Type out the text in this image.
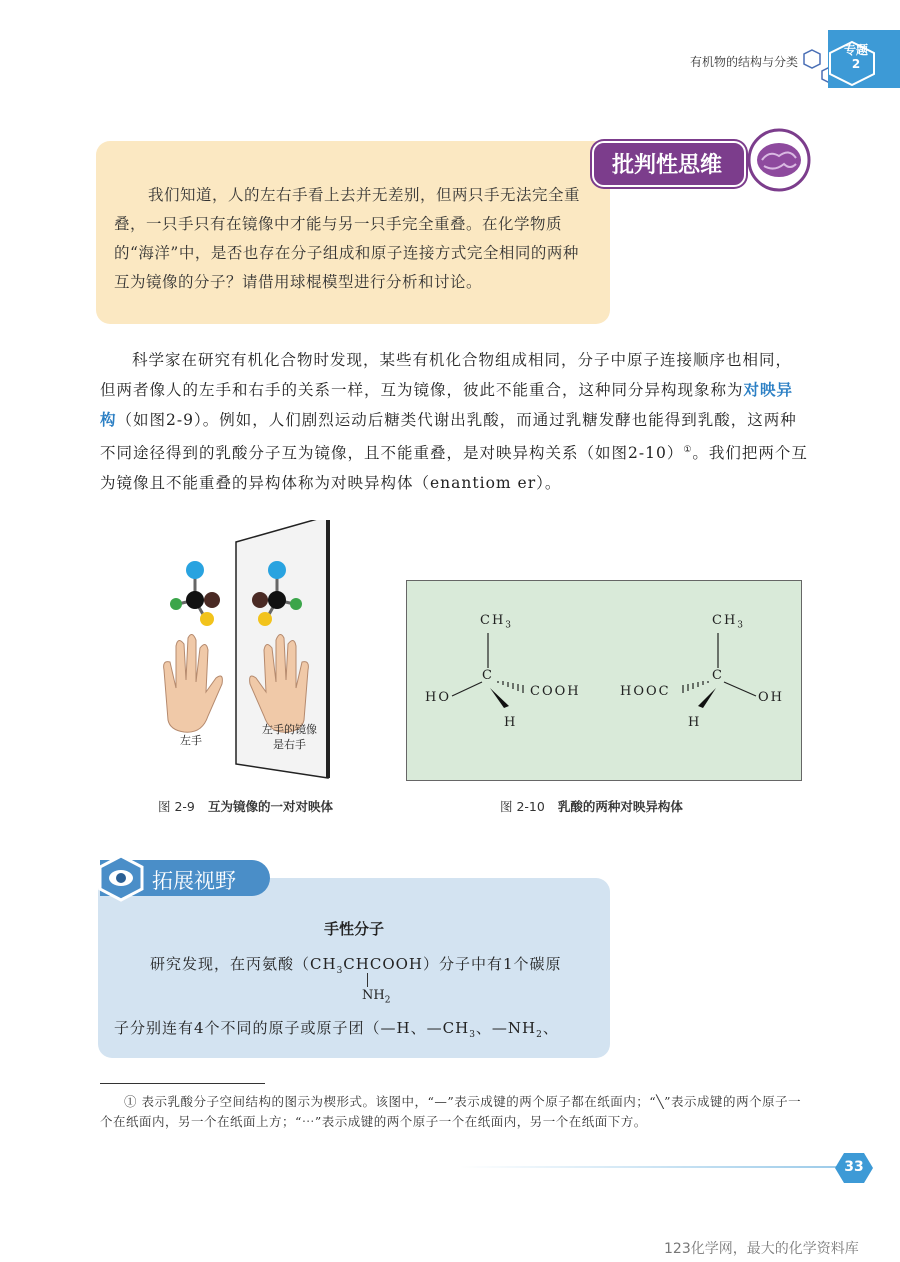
有机物的结构与分类
专题
2
批判性思维
我们知道，人的左右手看上去并无差别，但两只手无法完全重叠，一只手只有在镜像中才能与另一只手完全重叠。在化学物质的“海洋”中，是否也存在分子组成和原子连接方式完全相同的两种互为镜像的分子？请借用球棍模型进行分析和讨论。
科学家在研究有机化合物时发现，某些有机化合物组成相同，分子中原子连接顺序也相同，但两者像人的左手和右手的关系一样，互为镜像，彼此不能重合，这种同分异构现象称为对映异构（如图2-9）。例如，人们剧烈运动后糖类代谢出乳酸，而通过乳糖发酵也能得到乳酸，这两种不同途径得到的乳酸分子互为镜像，且不能重叠，是对映异构关系（如图2-10）①。我们把两个互为镜像且不能重叠的异构体称为对映异构体（enantiom er）。
左手
左手的镜像
是右手
图 2-9 互为镜像的一对对映体
$CH_3$
C
HO	COOH
H
$CH_3$
C
HOOC	OH
H
图 2-10 乳酸的两种对映异构体
拓展视野
手性分子
研究发现，在丙氨酸$(CH_3CHCOOH)$分子中有1个碳原
$NH_2$
子分别连有4个不同的原子或原子团（—H、$—CH_3$、$—NH_2$、
① 表示乳酸分子空间结构的图示为楔形式。该图中，“—”表示成键的两个原子都在纸面内；“╲”表示成键的两个原子一个在纸面内，另一个在纸面上方；“⋯”表示成键的两个原子一个在纸面内，另一个在纸面下方。
33
123化学网，最大的化学资料库
